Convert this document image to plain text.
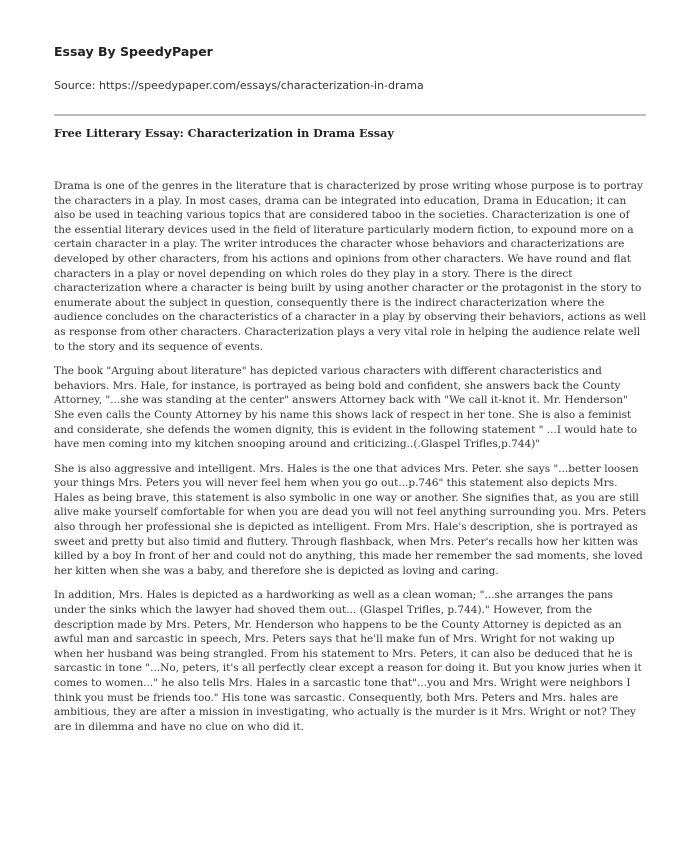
Essay By SpeedyPaper
Source: https://speedypaper.com/essays/characterization-in-drama
Free Litterary Essay: Characterization in Drama Essay

Drama is one of the genres in the literature that is characterized by prose writing whose purpose is to portray the characters in a play. In most cases, drama can be integrated into education, Drama in Education; it can also be used in teaching various topics that are considered taboo in the societies. Characterization is one of the essential literary devices used in the field of literature particularly modern fiction, to expound more on a certain character in a play. The writer introduces the character whose behaviors and characterizations are developed by other characters, from his actions and opinions from other characters. We have round and flat characters in a play or novel depending on which roles do they play in a story. There is the direct characterization where a character is being built by using another character or the protagonist in the story to enumerate about the subject in question, consequently there is the indirect characterization where the audience concludes on the characteristics of a character in a play by observing their behaviors, actions as well as response from other characters. Characterization plays a very vital role in helping the audience relate well to the story and its sequence of events.

The book "Arguing about literature" has depicted various characters with different characteristics and behaviors. Mrs. Hale, for instance, is portrayed as being bold and confident, she answers back the County Attorney, "...she was standing at the center" answers Attorney back with "We call it-knot it. Mr. Henderson" She even calls the County Attorney by his name this shows lack of respect in her tone. She is also a feminist and considerate, she defends the women dignity, this is evident in the following statement " ...I would hate to have men coming into my kitchen snooping around and criticizing..(.Glaspel Trifles,p.744)"

She is also aggressive and intelligent. Mrs. Hales is the one that advices Mrs. Peter. she says "...better loosen your things Mrs. Peters you will never feel hem when you go out...p.746" this statement also depicts Mrs. Hales as being brave, this statement is also symbolic in one way or another. She signifies that, as you are still alive make yourself comfortable for when you are dead you will not feel anything surrounding you. Mrs. Peters also through her professional she is depicted as intelligent. From Mrs. Hale's description, she is portrayed as sweet and pretty but also timid and fluttery. Through flashback, when Mrs. Peter's recalls how her kitten was killed by a boy In front of her and could not do anything, this made her remember the sad moments, she loved her kitten when she was a baby, and therefore she is depicted as loving and caring.

In addition, Mrs. Hales is depicted as a hardworking as well as a clean woman; "...she arranges the pans under the sinks which the lawyer had shoved them out... (Glaspel Trifles, p.744)." However, from the description made by Mrs. Peters, Mr. Henderson who happens to be the County Attorney is depicted as an awful man and sarcastic in speech, Mrs. Peters says that he'll make fun of Mrs. Wright for not waking up when her husband was being strangled. From his statement to Mrs. Peters, it can also be deduced that he is sarcastic in tone "...No, peters, it's all perfectly clear except a reason for doing it. But you know juries when it comes to women..." he also tells Mrs. Hales in a sarcastic tone that"...you and Mrs. Wright were neighbors I think you must be friends too." His tone was sarcastic. Consequently, both Mrs. Peters and Mrs. hales are ambitious, they are after a mission in investigating, who actually is the murder is it Mrs. Wright or not? They are in dilemma and have no clue on who did it.
